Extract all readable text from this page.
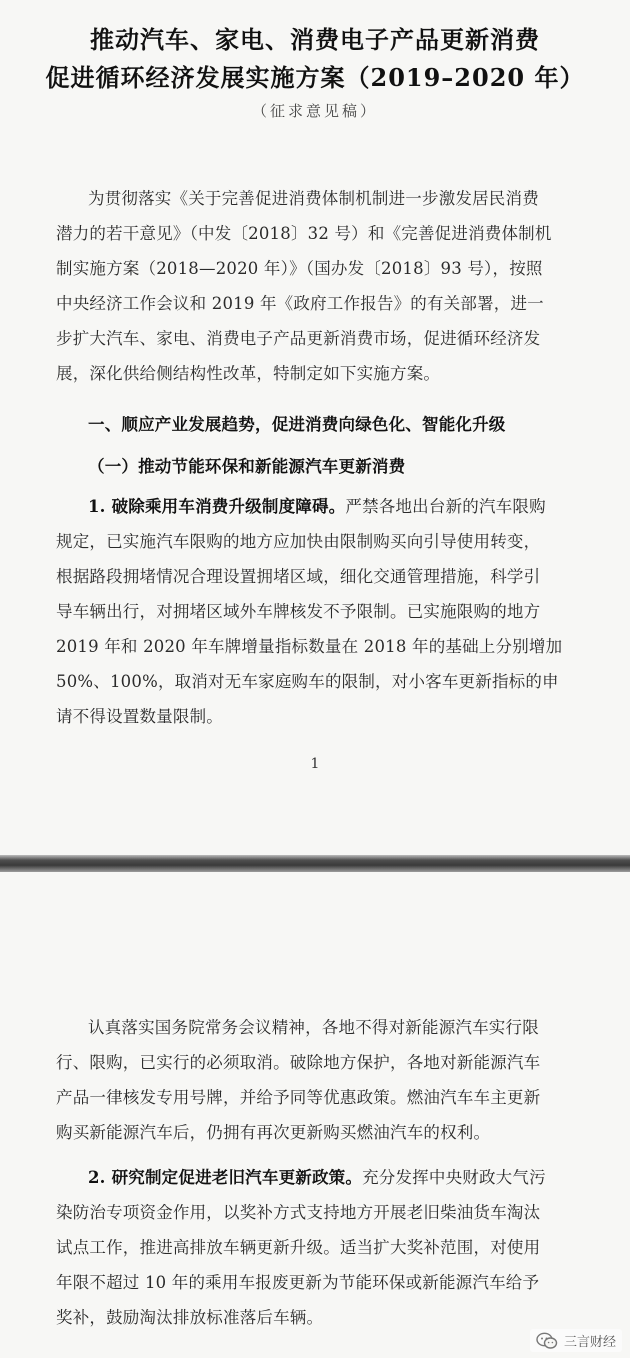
推动汽车、家电、消费电子产品更新消费
促进循环经济发展实施方案（2019–2020 年）
（征求意见稿）
为贯彻落实《关于完善促进消费体制机制进一步激发居民消费
潜力的若干意见》（中发〔2018〕32 号）和《完善促进消费体制机
制实施方案（2018—2020 年）》（国办发〔2018〕93 号），按照
中央经济工作会议和 2019 年《政府工作报告》的有关部署，进一
步扩大汽车、家电、消费电子产品更新消费市场，促进循环经济发
展，深化供给侧结构性改革，特制定如下实施方案。
一、顺应产业发展趋势，促进消费向绿色化、智能化升级
（一）推动节能环保和新能源汽车更新消费
1. 破除乘用车消费升级制度障碍。严禁各地出台新的汽车限购
规定，已实施汽车限购的地方应加快由限制购买向引导使用转变，
根据路段拥堵情况合理设置拥堵区域，细化交通管理措施，科学引
导车辆出行，对拥堵区域外车牌核发不予限制。已实施限购的地方
2019 年和 2020 年车牌增量指标数量在 2018 年的基础上分别增加
50%、100%，取消对无车家庭购车的限制，对小客车更新指标的申
请不得设置数量限制。
1
认真落实国务院常务会议精神，各地不得对新能源汽车实行限
行、限购，已实行的必须取消。破除地方保护，各地对新能源汽车
产品一律核发专用号牌，并给予同等优惠政策。燃油汽车车主更新
购买新能源汽车后，仍拥有再次更新购买燃油汽车的权利。
2. 研究制定促进老旧汽车更新政策。充分发挥中央财政大气污
染防治专项资金作用，以奖补方式支持地方开展老旧柴油货车淘汰
试点工作，推进高排放车辆更新升级。适当扩大奖补范围，对使用
年限不超过 10 年的乘用车报废更新为节能环保或新能源汽车给予
奖补，鼓励淘汰排放标准落后车辆。
三言财经
